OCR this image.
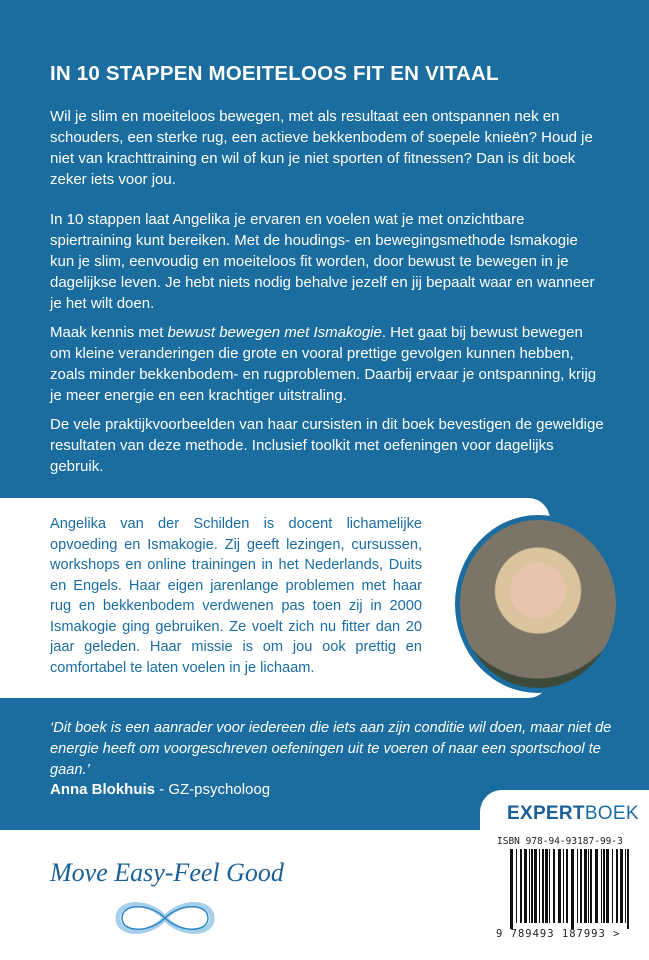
IN 10 STAPPEN MOEITELOOS FIT EN VITAAL
Wil je slim en moeiteloos bewegen, met als resultaat een ontspannen nek en schouders, een sterke rug, een actieve bekkenbodem of soepele knieën? Houd je niet van krachttraining en wil of kun je niet sporten of fitnessen? Dan is dit boek zeker iets voor jou.
In 10 stappen laat Angelika je ervaren en voelen wat je met onzichtbare spiertraining kunt bereiken. Met de houdings- en bewegingsmethode Ismakogie kun je slim, eenvoudig en moeiteloos fit worden, door bewust te bewegen in je dagelijkse leven. Je hebt niets nodig behalve jezelf en jij bepaalt waar en wanneer je het wilt doen.
Maak kennis met bewust bewegen met Ismakogie. Het gaat bij bewust bewegen om kleine veranderingen die grote en vooral prettige gevolgen kunnen hebben, zoals minder bekkenbodem- en rugproblemen. Daarbij ervaar je ontspanning, krijg je meer energie en een krachtiger uitstraling.
De vele praktijkvoorbeelden van haar cursisten in dit boek bevestigen de geweldige resultaten van deze methode. Inclusief toolkit met oefeningen voor dagelijks gebruik.
Angelika van der Schilden is docent lichamelijke opvoeding en Ismakogie. Zij geeft lezingen, cursussen, workshops en online trainingen in het Nederlands, Duits en Engels. Haar eigen jarenlange problemen met haar rug en bekkenbodem verdwenen pas toen zij in 2000 Ismakogie ging gebruiken. Ze voelt zich nu fitter dan 20 jaar geleden. Haar missie is om jou ook prettig en comfortabel te laten voelen in je lichaam.
‘Dit boek is een aanrader voor iedereen die iets aan zijn conditie wil doen, maar niet de energie heeft om voorgeschreven oefeningen uit te voeren of naar een sportschool te gaan.’
Anna Blokhuis - GZ-psycholoog
EXPERTBOEK
ISBN 978-94-93187-99-3
9 789493 187993 >
Move Easy-Feel Good
